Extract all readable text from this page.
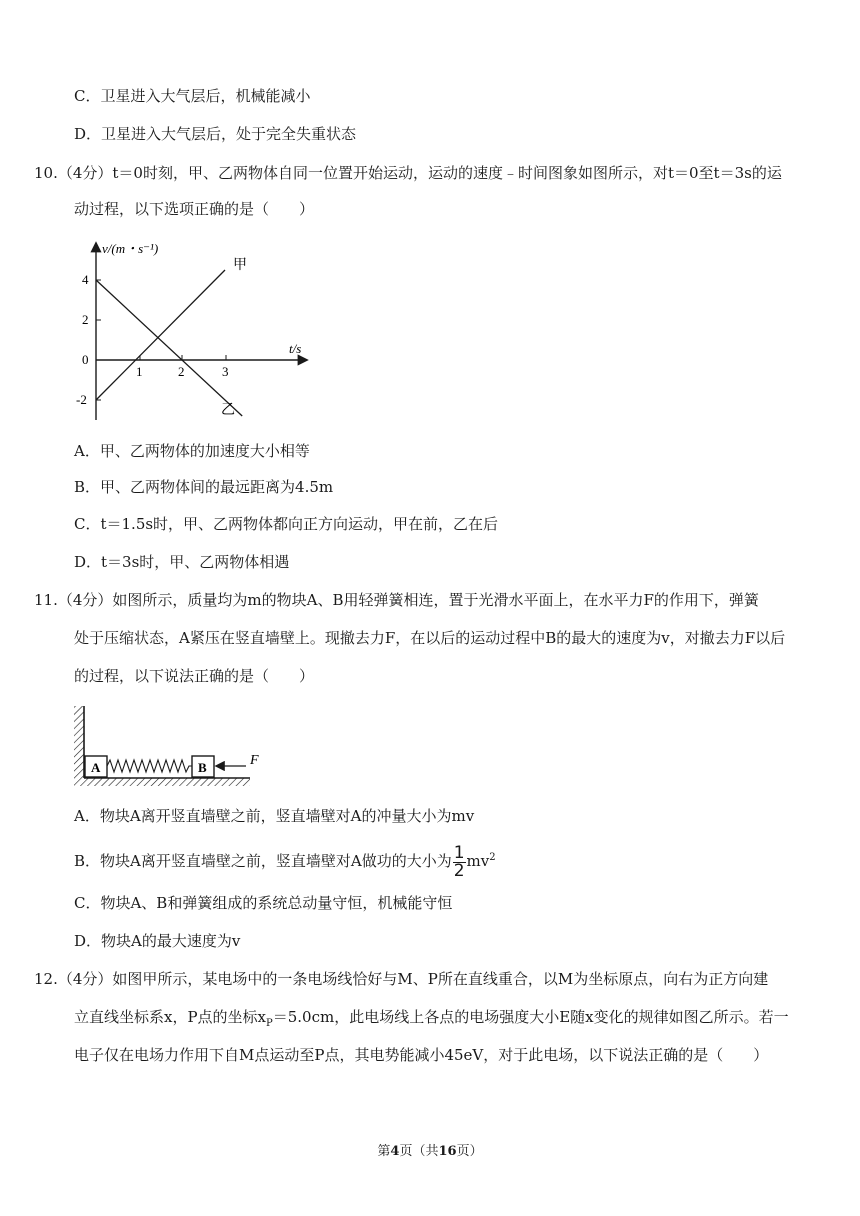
C．卫星进入大气层后，机械能减小
D．卫星进入大气层后，处于完全失重状态
10.（4分）t＝0时刻，甲、乙两物体自同一位置开始运动，运动的速度﹣时间图象如图所示，对t＝0至t＝3s的运
动过程，以下选项正确的是（　　）
v/(m・s⁻¹)
t/s
4
2
0
-2
1	2	3
甲
乙
A．甲、乙两物体的加速度大小相等
B．甲、乙两物体间的最远距离为4.5m
C．t＝1.5s时，甲、乙两物体都向正方向运动，甲在前，乙在后
D．t＝3s时，甲、乙两物体相遇
11.（4分）如图所示，质量均为m的物块A、B用轻弹簧相连，置于光滑水平面上，在水平力F的作用下，弹簧
处于压缩状态，A紧压在竖直墙壁上。现撤去力F，在以后的运动过程中B的最大的速度为v，对撤去力F以后
的过程，以下说法正确的是（　　）
A	B	F
A．物块A离开竖直墙壁之前，竖直墙壁对A的冲量大小为mv
B．物块A离开竖直墙壁之前，竖直墙壁对A做功的大小为 $\frac{1}{2} mv^2$
C．物块A、B和弹簧组成的系统总动量守恒，机械能守恒
D．物块A的最大速度为v
12.（4分）如图甲所示，某电场中的一条电场线恰好与M、P所在直线重合，以M为坐标原点，向右为正方向建
立直线坐标系x，P点的坐标$x_P=5.0cm$，此电场线上各点的电场强度大小E随x变化的规律如图乙所示。若一
电子仅在电场力作用下自M点运动至P点，其电势能减小45eV，对于此电场，以下说法正确的是（　　）
第4页（共16页）
